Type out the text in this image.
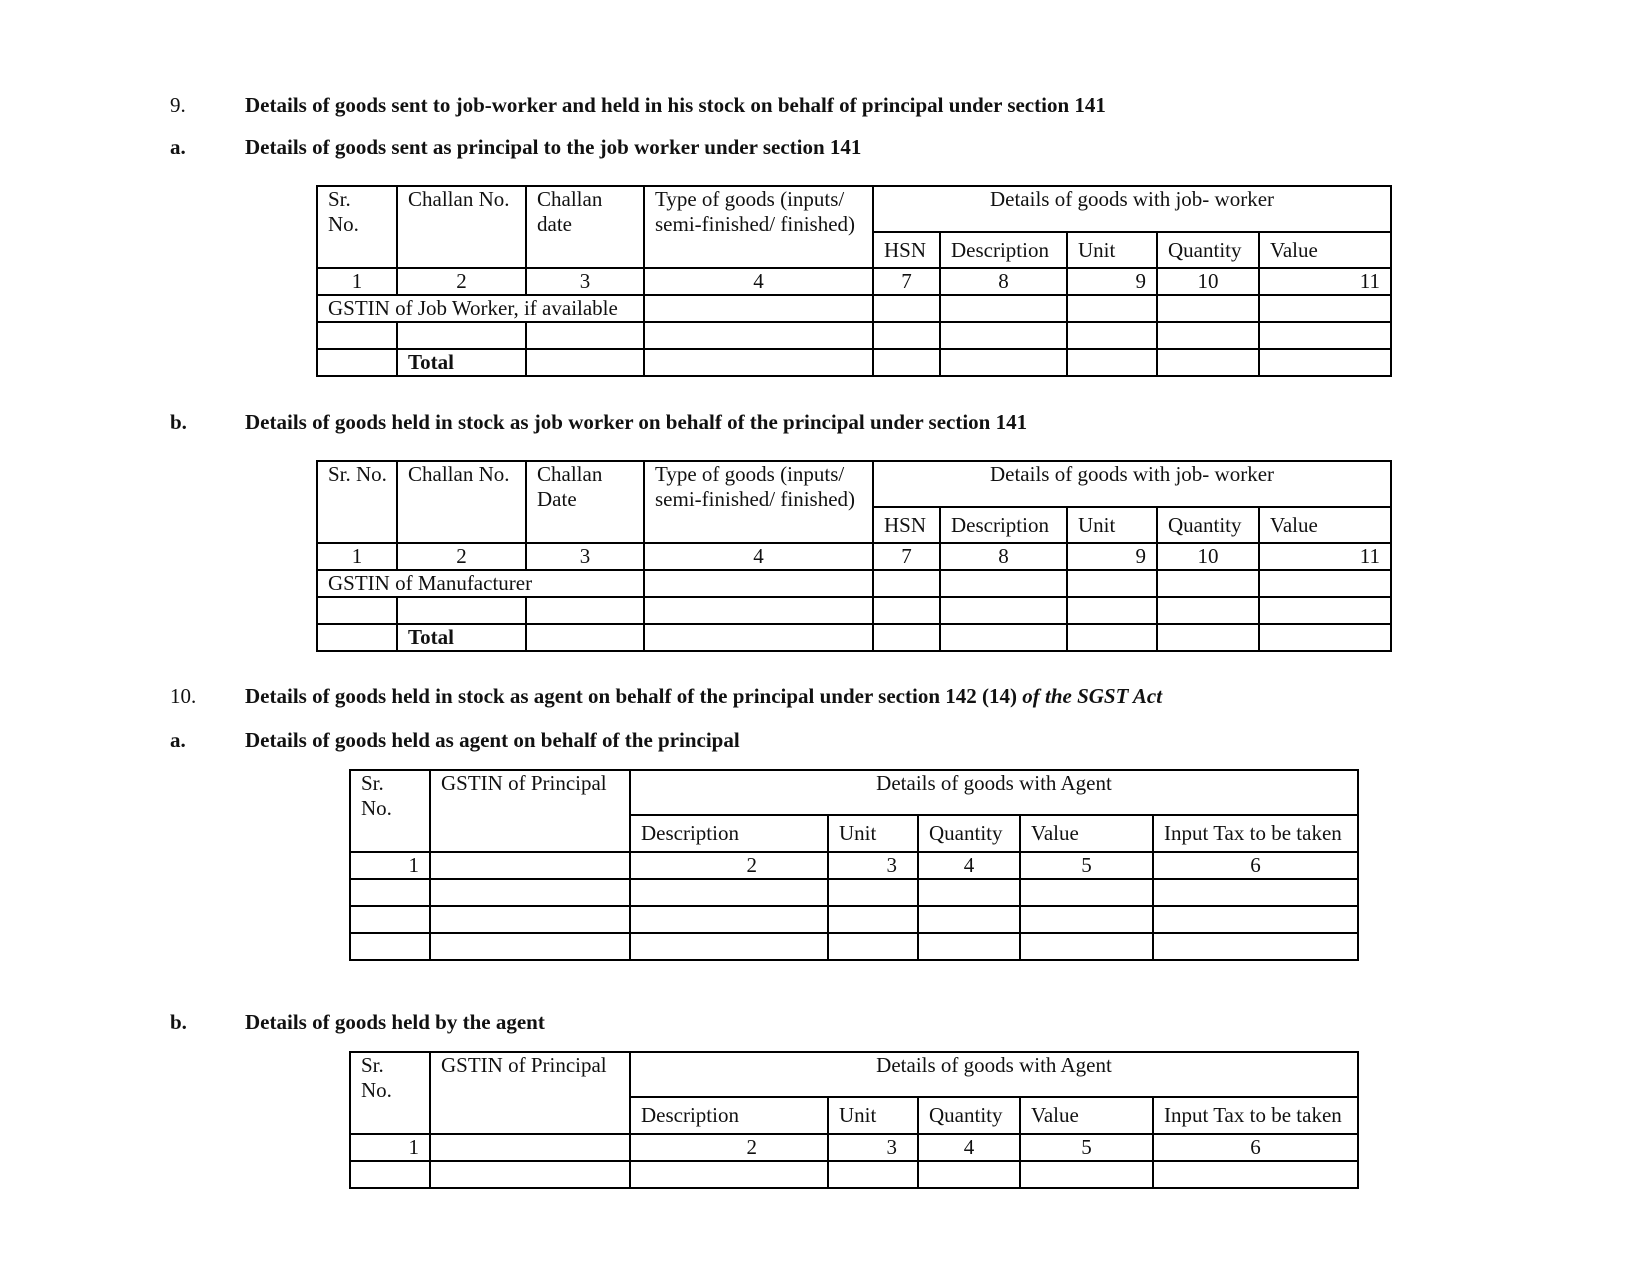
9.	Details of goods sent to job-worker and held in his stock on behalf of principal under section 141
a.	Details of goods sent as principal to the job worker under section 141
Sr. No.	Challan No.	Challan date	Type of goods (inputs/ semi-finished/ finished)	Details of goods with job- worker				
				HSN	Description	Unit	Quantity	Value
1	2	3	4	7	8	9	10	11
GSTIN of Job Worker, if available								

	Total							
b.	Details of goods held in stock as job worker on behalf of the principal under section 141
Sr. No.	Challan No.	Challan Date	Type of goods (inputs/ semi-finished/ finished)	Details of goods with job- worker				
				HSN	Description	Unit	Quantity	Value
1	2	3	4	7	8	9	10	11
GSTIN of Manufacturer								

	Total							
10. Details of goods held in stock as agent on behalf of the principal under section 142 (14) of the SGST Act
a.	Details of goods held as agent on behalf of the principal
Sr. No.	GSTIN of Principal	Details of goods with Agent				
		Description	Unit	Quantity	Value	Input Tax to be taken
1		2	3	4	5	6

b.	Details of goods held by the agent
Sr. No.	GSTIN of Principal	Details of goods with Agent				
		Description	Unit	Quantity	Value	Input Tax to be taken
1		2	3	4	5	6
